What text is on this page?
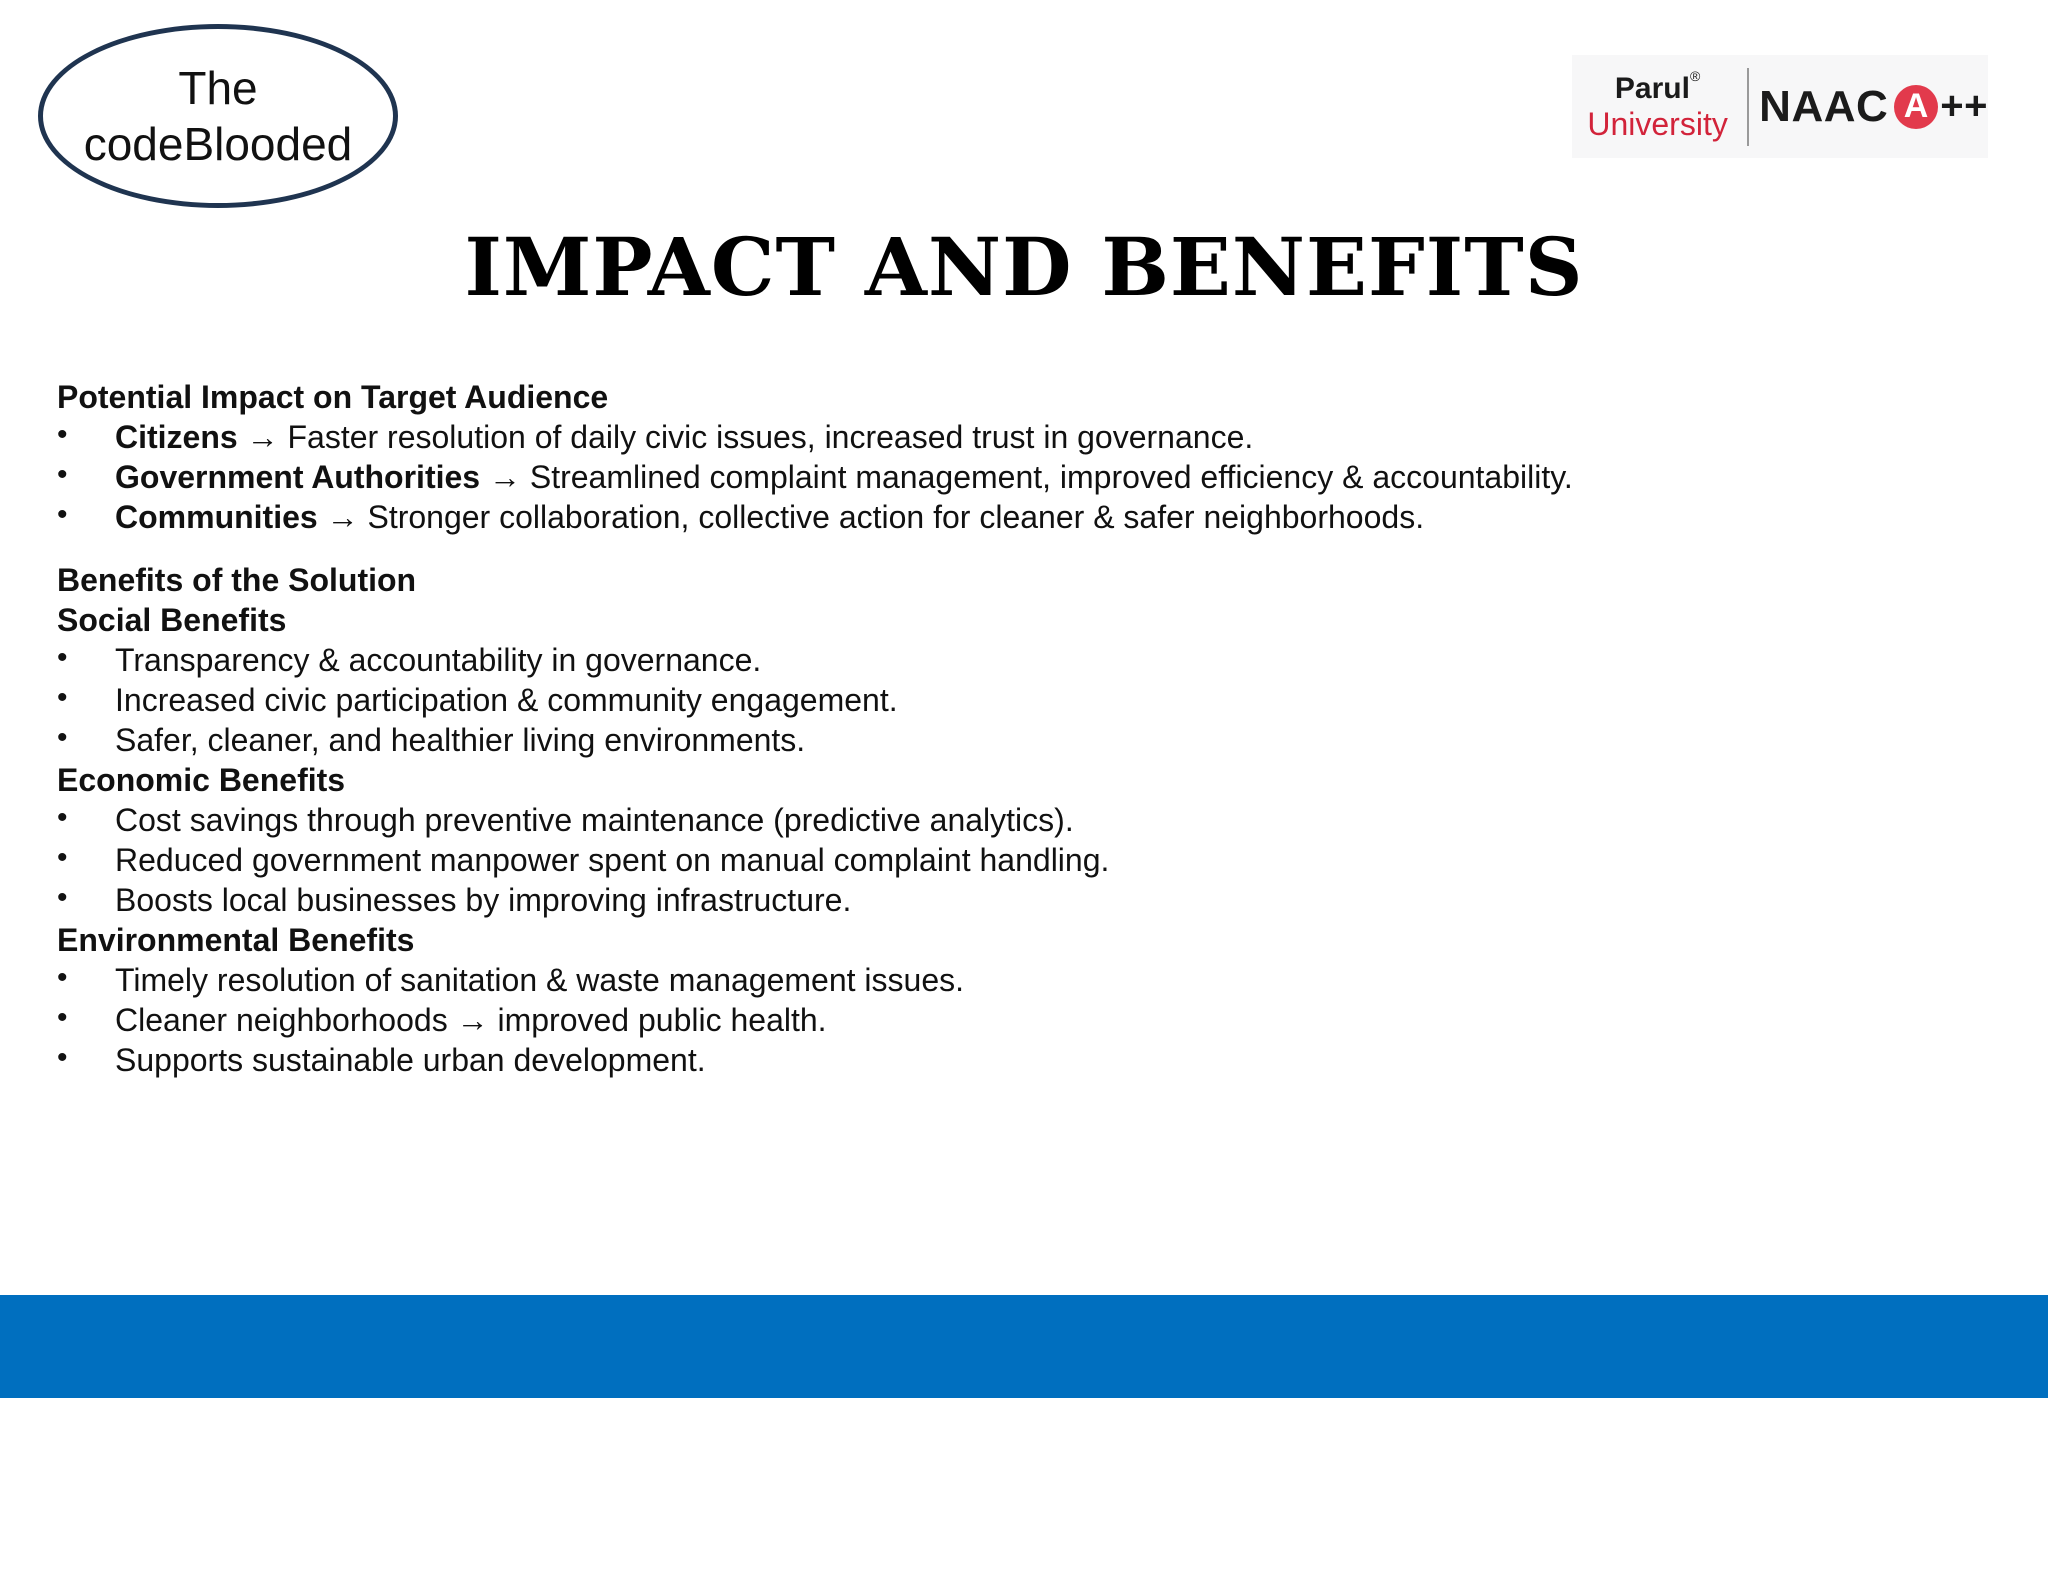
The
codeBlooded
Parul®
University NAAC A ++
IMPACT AND BENEFITS

Potential Impact on Target Audience

• Citizens → Faster resolution of daily civic issues, increased trust in governance.
• Government Authorities → Streamlined complaint management, improved efficiency & accountability.
• Communities → Stronger collaboration, collective action for cleaner & safer neighborhoods.

Benefits of the Solution

Social Benefits

• Transparency & accountability in governance.
• Increased civic participation & community engagement.
• Safer, cleaner, and healthier living environments.

Economic Benefits

• Cost savings through preventive maintenance (predictive analytics).
• Reduced government manpower spent on manual complaint handling.
• Boosts local businesses by improving infrastructure.

Environmental Benefits

• Timely resolution of sanitation & waste management issues.
• Cleaner neighborhoods → improved public health.
• Supports sustainable urban development.
